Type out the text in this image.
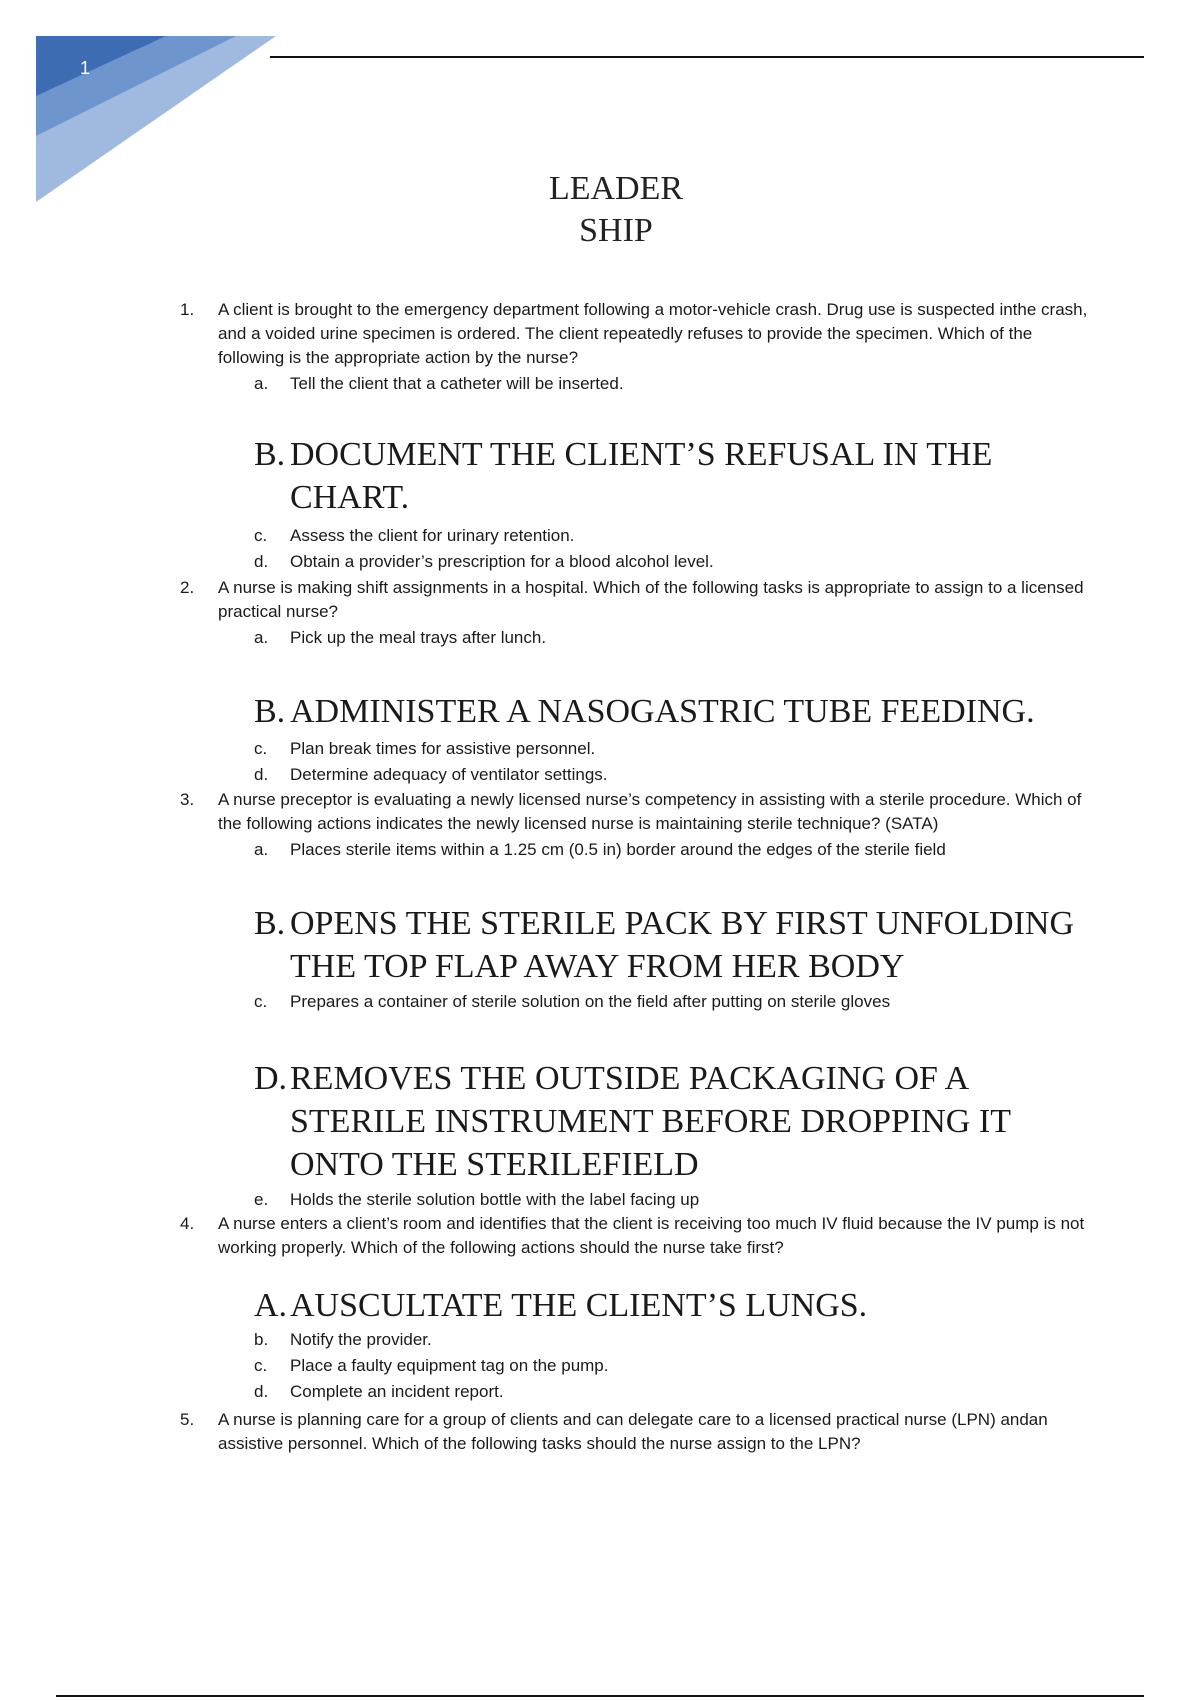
1
LEADER
SHIP
1. A client is brought to the emergency department following a motor-vehicle crash. Drug use is suspected inthe crash, and a voided urine specimen is ordered. The client repeatedly refuses to provide the specimen. Which of the following is the appropriate action by the nurse?
a. Tell the client that a catheter will be inserted.
B. DOCUMENT THE CLIENT’S REFUSAL IN THE CHART.
c. Assess the client for urinary retention.
d. Obtain a provider’s prescription for a blood alcohol level.
2. A nurse is making shift assignments in a hospital. Which of the following tasks is appropriate to assign to a licensed practical nurse?
a. Pick up the meal trays after lunch.
B. ADMINISTER A NASOGASTRIC TUBE FEEDING.
c. Plan break times for assistive personnel.
d. Determine adequacy of ventilator settings.
3. A nurse preceptor is evaluating a newly licensed nurse’s competency in assisting with a sterile procedure. Which of the following actions indicates the newly licensed nurse is maintaining sterile technique? (SATA)
a. Places sterile items within a 1.25 cm (0.5 in) border around the edges of the sterile field
B. OPENS THE STERILE PACK BY FIRST UNFOLDING THE TOP FLAP AWAY FROM HER BODY
c. Prepares a container of sterile solution on the field after putting on sterile gloves
D. REMOVES THE OUTSIDE PACKAGING OF A STERILE INSTRUMENT BEFORE DROPPING IT ONTO THE STERILEFIELD
e. Holds the sterile solution bottle with the label facing up
4. A nurse enters a client’s room and identifies that the client is receiving too much IV fluid because the IV pump is not working properly. Which of the following actions should the nurse take first?
A. AUSCULTATE THE CLIENT’S LUNGS.
b. Notify the provider.
c. Place a faulty equipment tag on the pump.
d. Complete an incident report.
5. A nurse is planning care for a group of clients and can delegate care to a licensed practical nurse (LPN) andan assistive personnel. Which of the following tasks should the nurse assign to the LPN?
